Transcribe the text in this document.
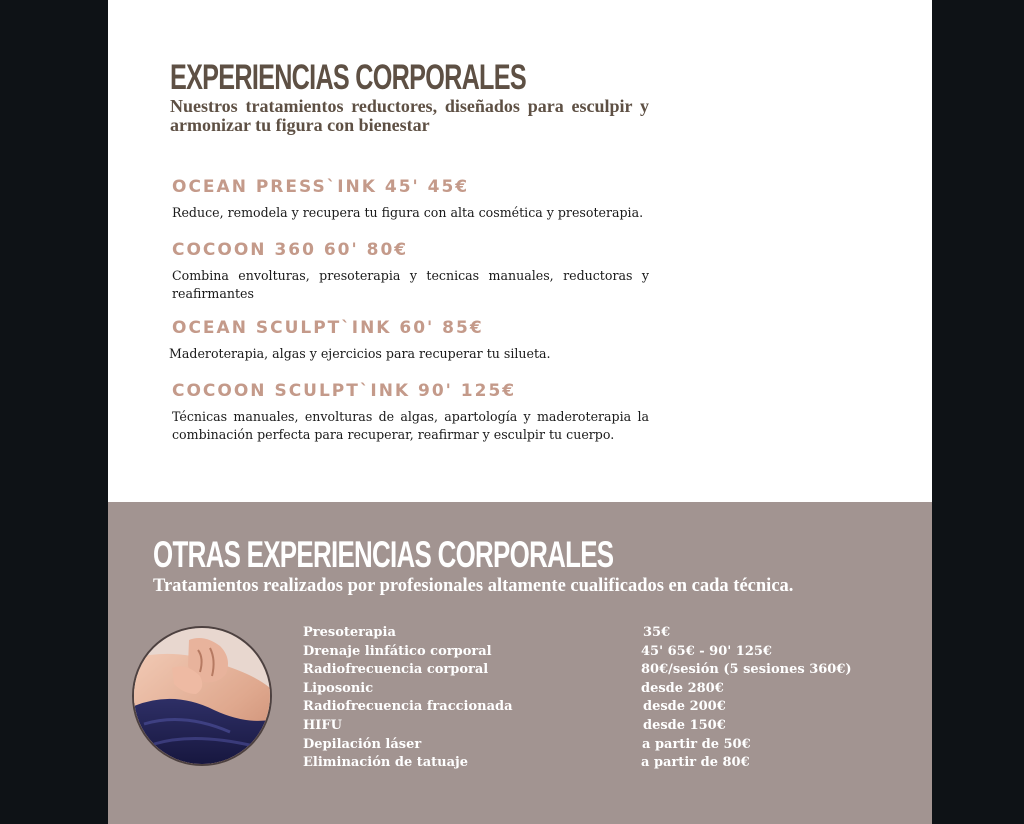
EXPERIENCIAS CORPORALES

Nuestros tratamientos reductores, diseñados para esculpir y armonizar tu figura con bienestar

OCEAN PRESS`INK 45' 45€

Reduce, remodela y recupera tu figura con alta cosmética y presoterapia.

COCOON 360 60' 80€

Combina envolturas, presoterapia y tecnicas manuales, reductoras y reafirmantes

OCEAN SCULPT`INK 60' 85€

Maderoterapia, algas y ejercicios para recuperar tu silueta.

COCOON SCULPT`INK 90' 125€

Técnicas manuales, envolturas de algas, apartología y maderoterapia la combinación perfecta para recuperar, reafirmar y esculpir tu cuerpo.

OTRAS EXPERIENCIAS CORPORALES

Tratamientos realizados por profesionales altamente cualificados en cada técnica.

Presoterapia	35€
Drenaje linfático corporal	45' 65€ - 90' 125€
Radiofrecuencia corporal	80€/sesión (5 sesiones 360€)
Liposonic	desde 280€
Radiofrecuencia fraccionada	desde 200€
HIFU	desde 150€
Depilación láser	a partir de 50€
Eliminación de tatuaje	a partir de 80€
